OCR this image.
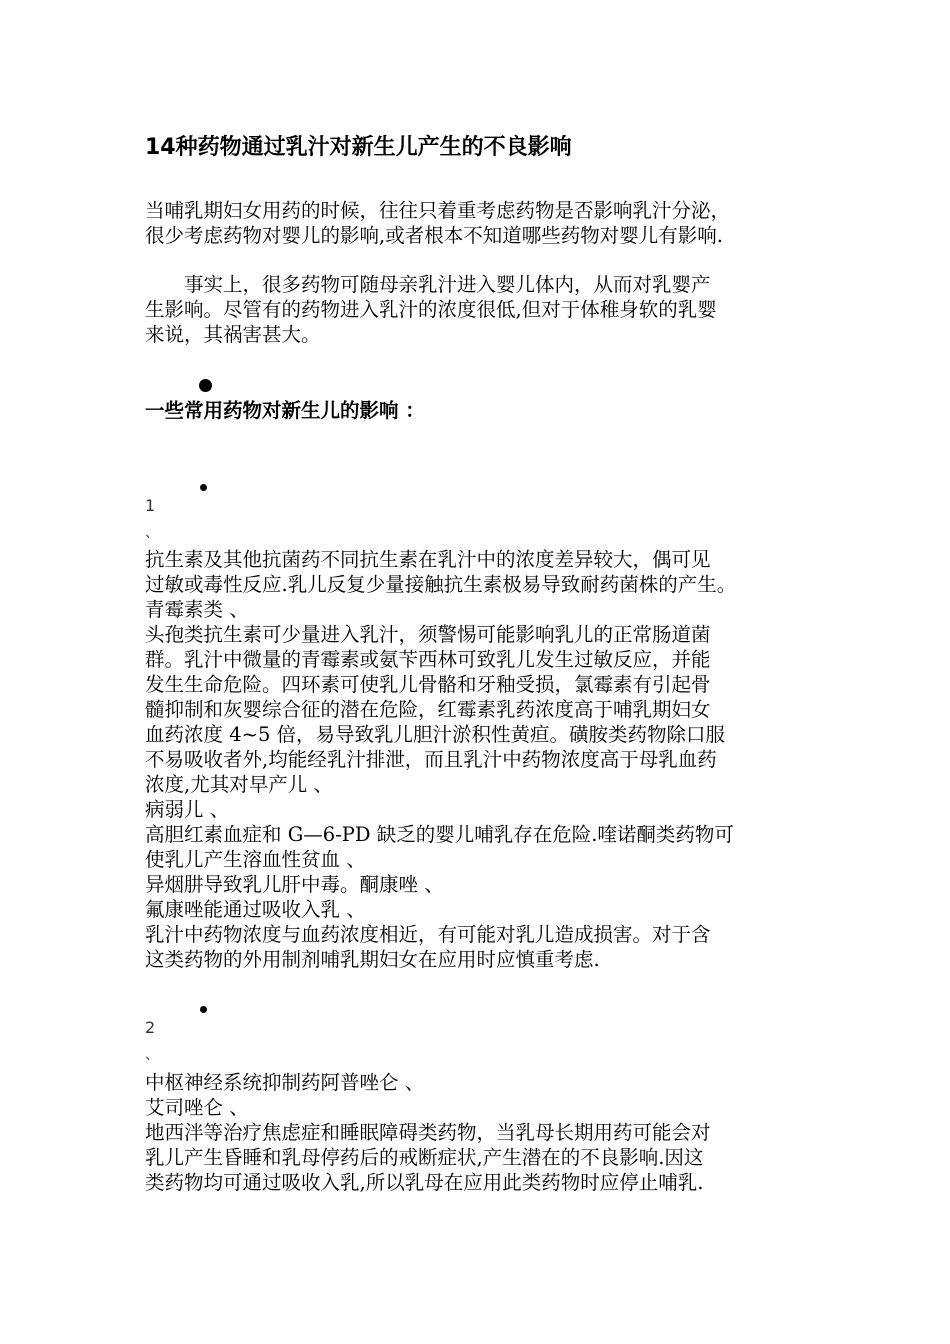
14种药物通过乳汁对新生儿产生的不良影响
当哺乳期妇女用药的时候，往往只着重考虑药物是否影响乳汁分泌，
很少考虑药物对婴儿的影响,或者根本不知道哪些药物对婴儿有影响.
　　事实上，很多药物可随母亲乳汁进入婴儿体内，从而对乳婴产
生影响。尽管有的药物进入乳汁的浓度很低,但对于体稚身软的乳婴
来说，其祸害甚大。
一些常用药物对新生儿的影响 ：
1
、
抗生素及其他抗菌药不同抗生素在乳汁中的浓度差异较大，偶可见
过敏或毒性反应.乳儿反复少量接触抗生素极易导致耐药菌株的产生。
青霉素类 、
头孢类抗生素可少量进入乳汁，须警惕可能影响乳儿的正常肠道菌
群。乳汁中微量的青霉素或氨苄西林可致乳儿发生过敏反应，并能
发生生命危险。四环素可使乳儿骨骼和牙釉受损，氯霉素有引起骨
髓抑制和灰婴综合征的潜在危险，红霉素乳药浓度高于哺乳期妇女
血药浓度 4~5 倍，易导致乳儿胆汁淤积性黄疸。磺胺类药物除口服
不易吸收者外,均能经乳汁排泄，而且乳汁中药物浓度高于母乳血药
浓度,尤其对早产儿 、
病弱儿 、
高胆红素血症和 G—6-PD 缺乏的婴儿哺乳存在危险.喹诺酮类药物可
使乳儿产生溶血性贫血 、
异烟肼导致乳儿肝中毒。酮康唑 、
氟康唑能通过吸收入乳 、
乳汁中药物浓度与血药浓度相近，有可能对乳儿造成损害。对于含
这类药物的外用制剂哺乳期妇女在应用时应慎重考虑.
2
、
中枢神经系统抑制药阿普唑仑 、
艾司唑仑 、
地西泮等治疗焦虑症和睡眠障碍类药物，当乳母长期用药可能会对
乳儿产生昏睡和乳母停药后的戒断症状,产生潜在的不良影响.因这
类药物均可通过吸收入乳,所以乳母在应用此类药物时应停止哺乳.
